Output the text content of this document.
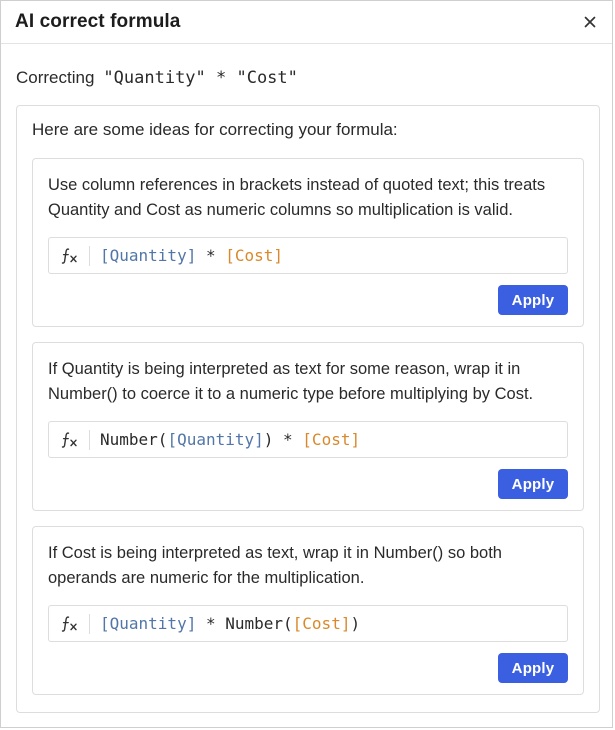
AI correct formula
Correcting "Quantity" * "Cost"
Here are some ideas for correcting your formula:
Use column references in brackets instead of quoted text; this treats Quantity and Cost as numeric columns so multiplication is valid.
[Quantity] * [Cost]
Apply
If Quantity is being interpreted as text for some reason, wrap it in Number() to coerce it to a numeric type before multiplying by Cost.
Number([Quantity]) * [Cost]
Apply
If Cost is being interpreted as text, wrap it in Number() so both operands are numeric for the multiplication.
[Quantity] * Number([Cost])
Apply
